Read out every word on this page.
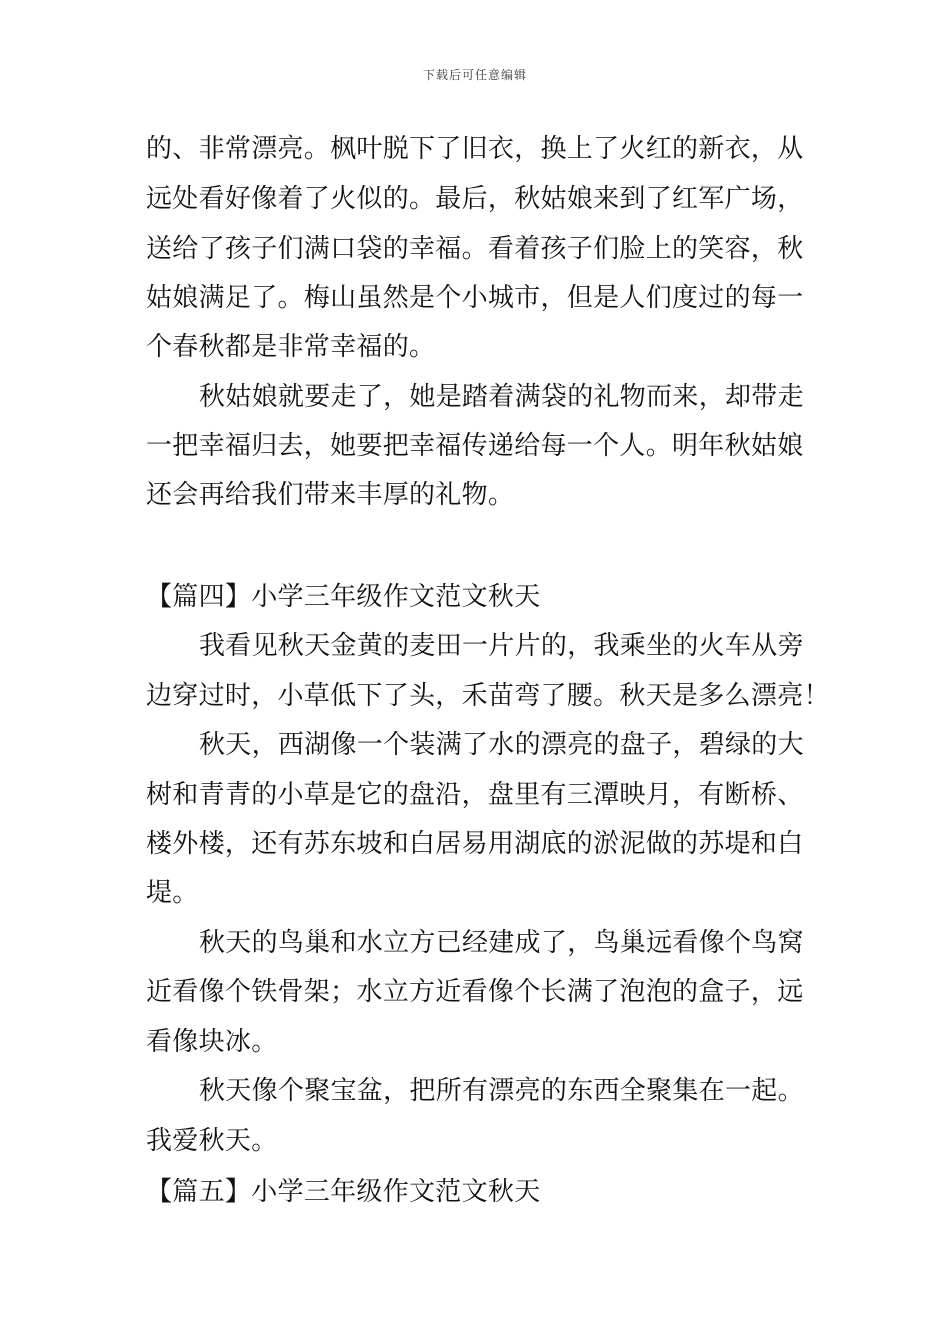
下载后可任意编辑
的、非常漂亮。枫叶脱下了旧衣，换上了火红的新衣，从
远处看好像着了火似的。最后，秋姑娘来到了红军广场，
送给了孩子们满口袋的幸福。看着孩子们脸上的笑容，秋
姑娘满足了。梅山虽然是个小城市，但是人们度过的每一
个春秋都是非常幸福的。
秋姑娘就要走了，她是踏着满袋的礼物而来，却带走
一把幸福归去，她要把幸福传递给每一个人。明年秋姑娘
还会再给我们带来丰厚的礼物。
【篇四】小学三年级作文范文秋天
我看见秋天金黄的麦田一片片的，我乘坐的火车从旁
边穿过时，小草低下了头，禾苗弯了腰。秋天是多么漂亮！
秋天，西湖像一个装满了水的漂亮的盘子，碧绿的大
树和青青的小草是它的盘沿，盘里有三潭映月，有断桥、
楼外楼，还有苏东坡和白居易用湖底的淤泥做的苏堤和白
堤。
秋天的鸟巢和水立方已经建成了，鸟巢远看像个鸟窝
近看像个铁骨架；水立方近看像个长满了泡泡的盒子，远
看像块冰。
秋天像个聚宝盆，把所有漂亮的东西全聚集在一起。
我爱秋天。
【篇五】小学三年级作文范文秋天
